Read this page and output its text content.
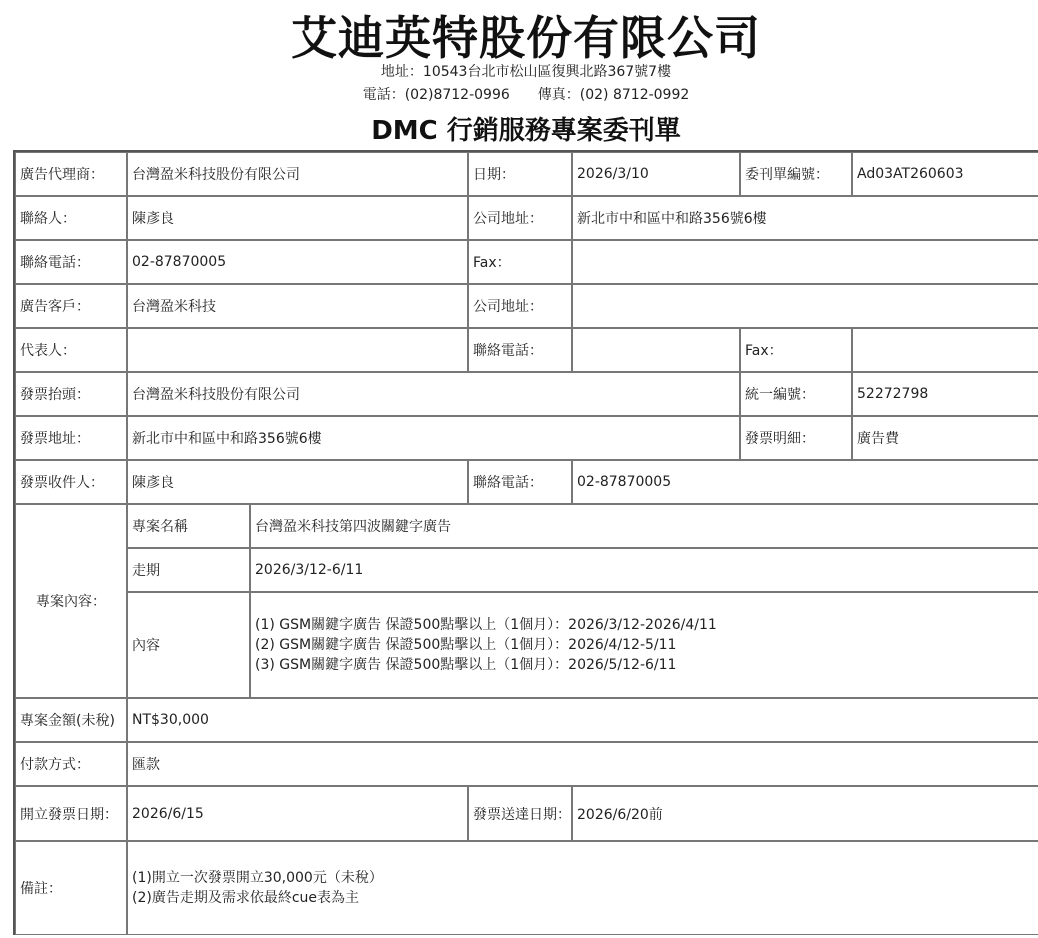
艾迪英特股份有限公司
地址：10543台北市松山區復興北路367號7樓
電話：(02)8712-0996 傳真：(02) 8712-0992
DMC 行銷服務專案委刊單
廣告代理商：	台灣盈米科技股份有限公司		日期：	2026/3/10	委刊單編號：	Ad03AT260603
聯絡人：	陳彥良		公司地址：	新北市中和區中和路356號6樓		
聯絡電話：	02-87870005		Fax：			
廣告客戶：	台灣盈米科技		公司地址：			
代表人：			聯絡電話：		Fax：	
發票抬頭：	台灣盈米科技股份有限公司				統一編號：	52272798
發票地址：	新北市中和區中和路356號6樓				發票明細：	廣告費
發票收件人：	陳彥良		聯絡電話：	02-87870005		
專案內容：	專案名稱	台灣盈米科技第四波關鍵字廣告				
	走期	2026/3/12-6/11				
	內容	(1) GSM關鍵字廣告 保證500點擊以上（1個月）：2026/3/12-2026/4/11
(2) GSM關鍵字廣告 保證500點擊以上（1個月）：2026/4/12-5/11
(3) GSM關鍵字廣告 保證500點擊以上（1個月）：2026/5/12-6/11				

專案金額(未稅)	NT$30,000					
付款方式：	匯款					
開立發票日期：	2026/6/15		發票送達日期：	2026/6/20前		
備註：	(1)開立一次發票開立30,000元（未稅）
(2)廣告走期及需求依最終cue表為主					
